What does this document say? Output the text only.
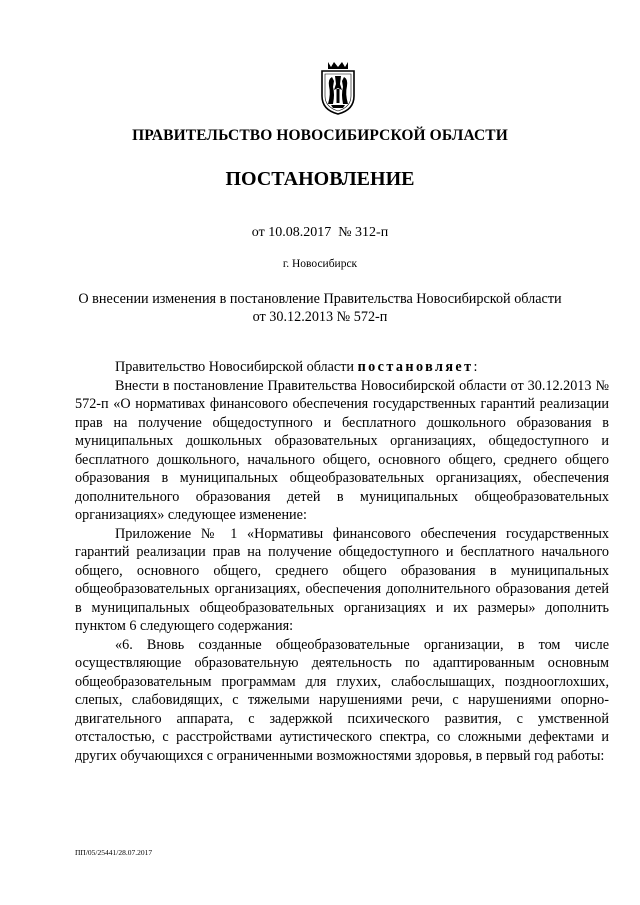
ПРАВИТЕЛЬСТВО НОВОСИБИРСКОЙ ОБЛАСТИ
ПОСТАНОВЛЕНИЕ
от 10.08.2017  № 312-п
г. Новосибирск
О внесении изменения в постановление Правительства Новосибирской области
от 30.12.2013 № 572-п

Правительство Новосибирской области постановляет:

Внести в постановление Правительства Новосибирской области от 30.12.2013 № 572-п «О нормативах финансового обеспечения государственных гарантий реализации прав на получение общедоступного и бесплатного дошкольного образования в муниципальных дошкольных образовательных организациях, общедоступного и бесплатного дошкольного, начального общего, основного общего, среднего общего образования в муниципальных общеобразовательных организациях, обеспечения дополнительного образования детей в муниципальных общеобразовательных организациях» следующее изменение:

Приложение № 1 «Нормативы финансового обеспечения государственных гарантий реализации прав на получение общедоступного и бесплатного начального общего, основного общего, среднего общего образования в муниципальных общеобразовательных организациях, обеспечения дополнительного образования детей в муниципальных общеобразовательных организациях и их размеры» дополнить пунктом 6 следующего содержания:

«6. Вновь созданные общеобразовательные организации, в том числе осуществляющие образовательную деятельность по адаптированным основным общеобразовательным программам для глухих, слабослышащих, позднооглохших, слепых, слабовидящих, с тяжелыми нарушениями речи, с нарушениями опорно-двигательного аппарата, с задержкой психического развития, с умственной отсталостью, с расстройствами аутистического спектра, со сложными дефектами и других обучающихся с ограниченными возможностями здоровья, в первый год работы:

ПП/05/25441/28.07.2017
